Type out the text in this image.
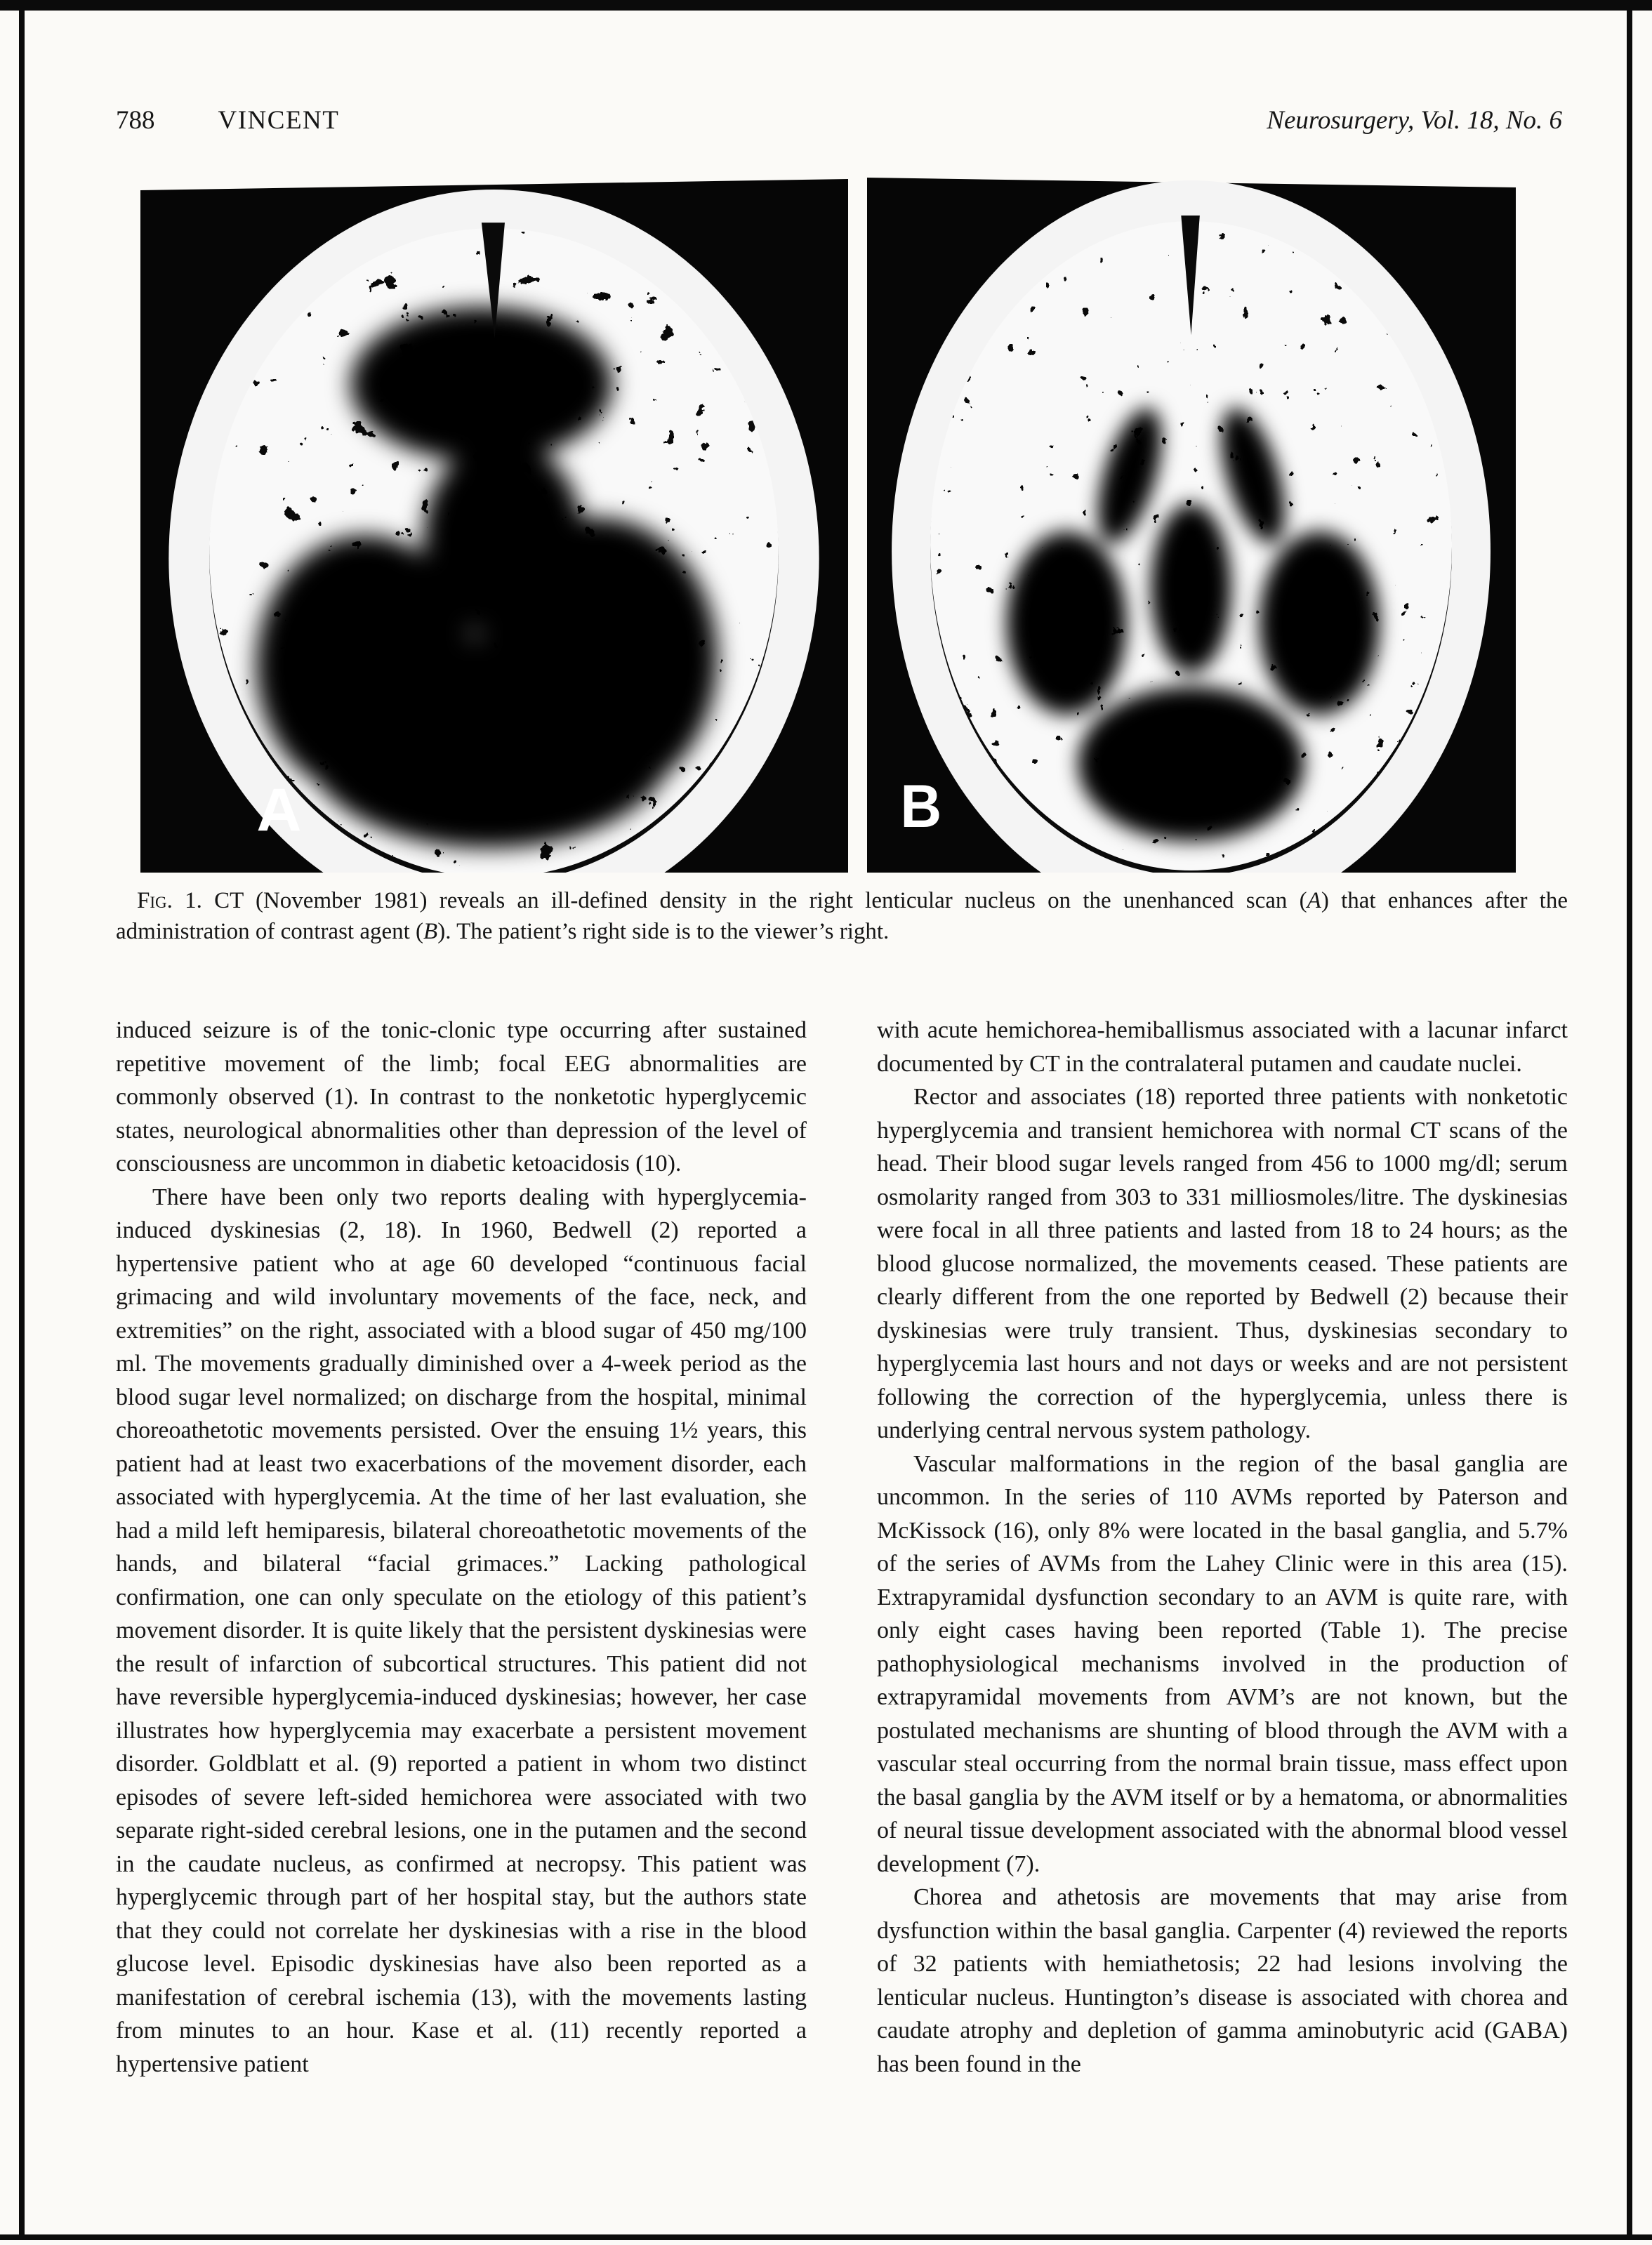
788 VINCENT	Neurosurgery, Vol. 18, No. 6
A	B
Fig. 1. CT (November 1981) reveals an ill-defined density in the right lenticular nucleus on the unenhanced scan (A) that enhances after the administration of contrast agent (B). The patient’s right side is to the viewer’s right.

induced seizure is of the tonic-clonic type occurring after sustained repetitive movement of the limb; focal EEG abnormalities are commonly observed (1). In contrast to the nonketotic hyperglycemic states, neurological abnormalities other than depression of the level of consciousness are uncommon in diabetic ketoacidosis (10).

There have been only two reports dealing with hyperglycemia-induced dyskinesias (2, 18). In 1960, Bedwell (2) reported a hypertensive patient who at age 60 developed “continuous facial grimacing and wild involuntary movements of the face, neck, and extremities” on the right, associated with a blood sugar of 450 mg/100 ml. The movements gradually diminished over a 4-week period as the blood sugar level normalized; on discharge from the hospital, minimal choreoathetotic movements persisted. Over the ensuing 1½ years, this patient had at least two exacerbations of the movement disorder, each associated with hyperglycemia. At the time of her last evaluation, she had a mild left hemiparesis, bilateral choreoathetotic movements of the hands, and bilateral “facial grimaces.” Lacking pathological confirmation, one can only speculate on the etiology of this patient’s movement disorder. It is quite likely that the persistent dyskinesias were the result of infarction of subcortical structures. This patient did not have reversible hyperglycemia-induced dyskinesias; however, her case illustrates how hyperglycemia may exacerbate a persistent movement disorder. Goldblatt et al. (9) reported a patient in whom two distinct episodes of severe left-sided hemichorea were associated with two separate right-sided cerebral lesions, one in the putamen and the second in the caudate nucleus, as confirmed at necropsy. This patient was hyperglycemic through part of her hospital stay, but the authors state that they could not correlate her dyskinesias with a rise in the blood glucose level. Episodic dyskinesias have also been reported as a manifestation of cerebral ischemia (13), with the movements lasting from minutes to an hour. Kase et al. (11) recently reported a hypertensive patient

with acute hemichorea-hemiballismus associated with a lacunar infarct documented by CT in the contralateral putamen and caudate nuclei.

Rector and associates (18) reported three patients with nonketotic hyperglycemia and transient hemichorea with normal CT scans of the head. Their blood sugar levels ranged from 456 to 1000 mg/dl; serum osmolarity ranged from 303 to 331 milliosmoles/litre. The dyskinesias were focal in all three patients and lasted from 18 to 24 hours; as the blood glucose normalized, the movements ceased. These patients are clearly different from the one reported by Bedwell (2) because their dyskinesias were truly transient. Thus, dyskinesias secondary to hyperglycemia last hours and not days or weeks and are not persistent following the correction of the hyperglycemia, unless there is underlying central nervous system pathology.

Vascular malformations in the region of the basal ganglia are uncommon. In the series of 110 AVMs reported by Paterson and McKissock (16), only 8% were located in the basal ganglia, and 5.7% of the series of AVMs from the Lahey Clinic were in this area (15). Extrapyramidal dysfunction secondary to an AVM is quite rare, with only eight cases having been reported (Table 1). The precise pathophysiological mechanisms involved in the production of extrapyramidal movements from AVM’s are not known, but the postulated mechanisms are shunting of blood through the AVM with a vascular steal occurring from the normal brain tissue, mass effect upon the basal ganglia by the AVM itself or by a hematoma, or abnormalities of neural tissue development associated with the abnormal blood vessel development (7).

Chorea and athetosis are movements that may arise from dysfunction within the basal ganglia. Carpenter (4) reviewed the reports of 32 patients with hemiathetosis; 22 had lesions involving the lenticular nucleus. Huntington’s disease is associated with chorea and caudate atrophy and depletion of gamma aminobutyric acid (GABA) has been found in the
